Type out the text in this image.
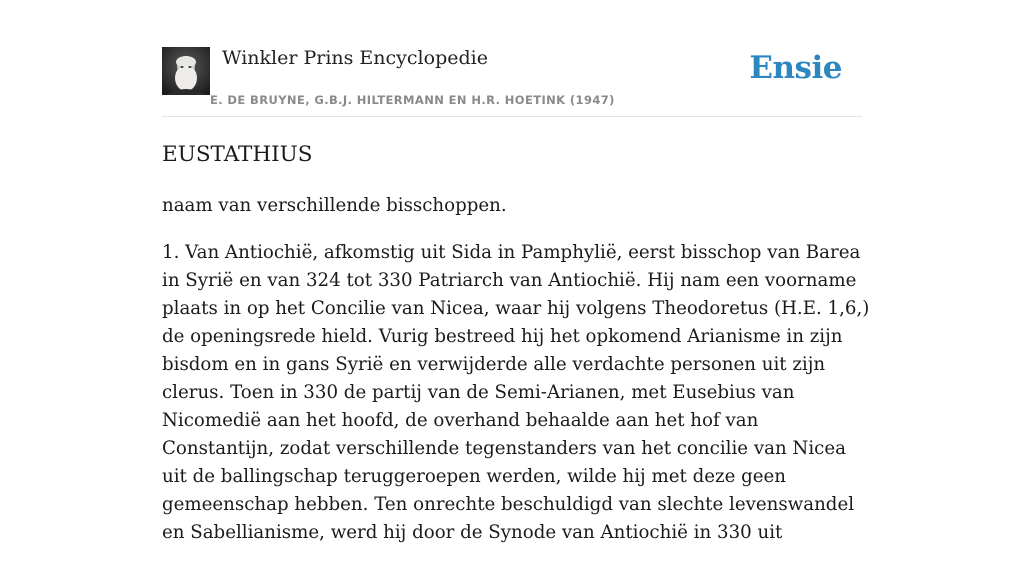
Winkler Prins Encyclopedie
E. DE BRUYNE, G.B.J. HILTERMANN EN H.R. HOETINK (1947)
Ensie
EUSTATHIUS

naam van verschillende bisschoppen.

1. Van Antiochië, afkomstig uit Sida in Pamphylië, eerst bisschop van Barea in Syrië en van 324 tot 330 Patriarch van Antiochië. Hij nam een voorname plaats in op het Concilie van Nicea, waar hij volgens Theodoretus (H.E. 1,6,) de openingsrede hield. Vurig bestreed hij het opkomend Arianisme in zijn bisdom en in gans Syrië en verwijderde alle verdachte personen uit zijn clerus. Toen in 330 de partij van de Semi-Arianen, met Eusebius van Nicomedië aan het hoofd, de overhand behaalde aan het hof van Constantijn, zodat verschillende tegenstanders van het concilie van Nicea uit de ballingschap teruggeroepen werden, wilde hij met deze geen gemeenschap hebben. Ten onrechte beschuldigd van slechte levenswandel en Sabellianisme, werd hij door de Synode van Antiochië in 330 uit
